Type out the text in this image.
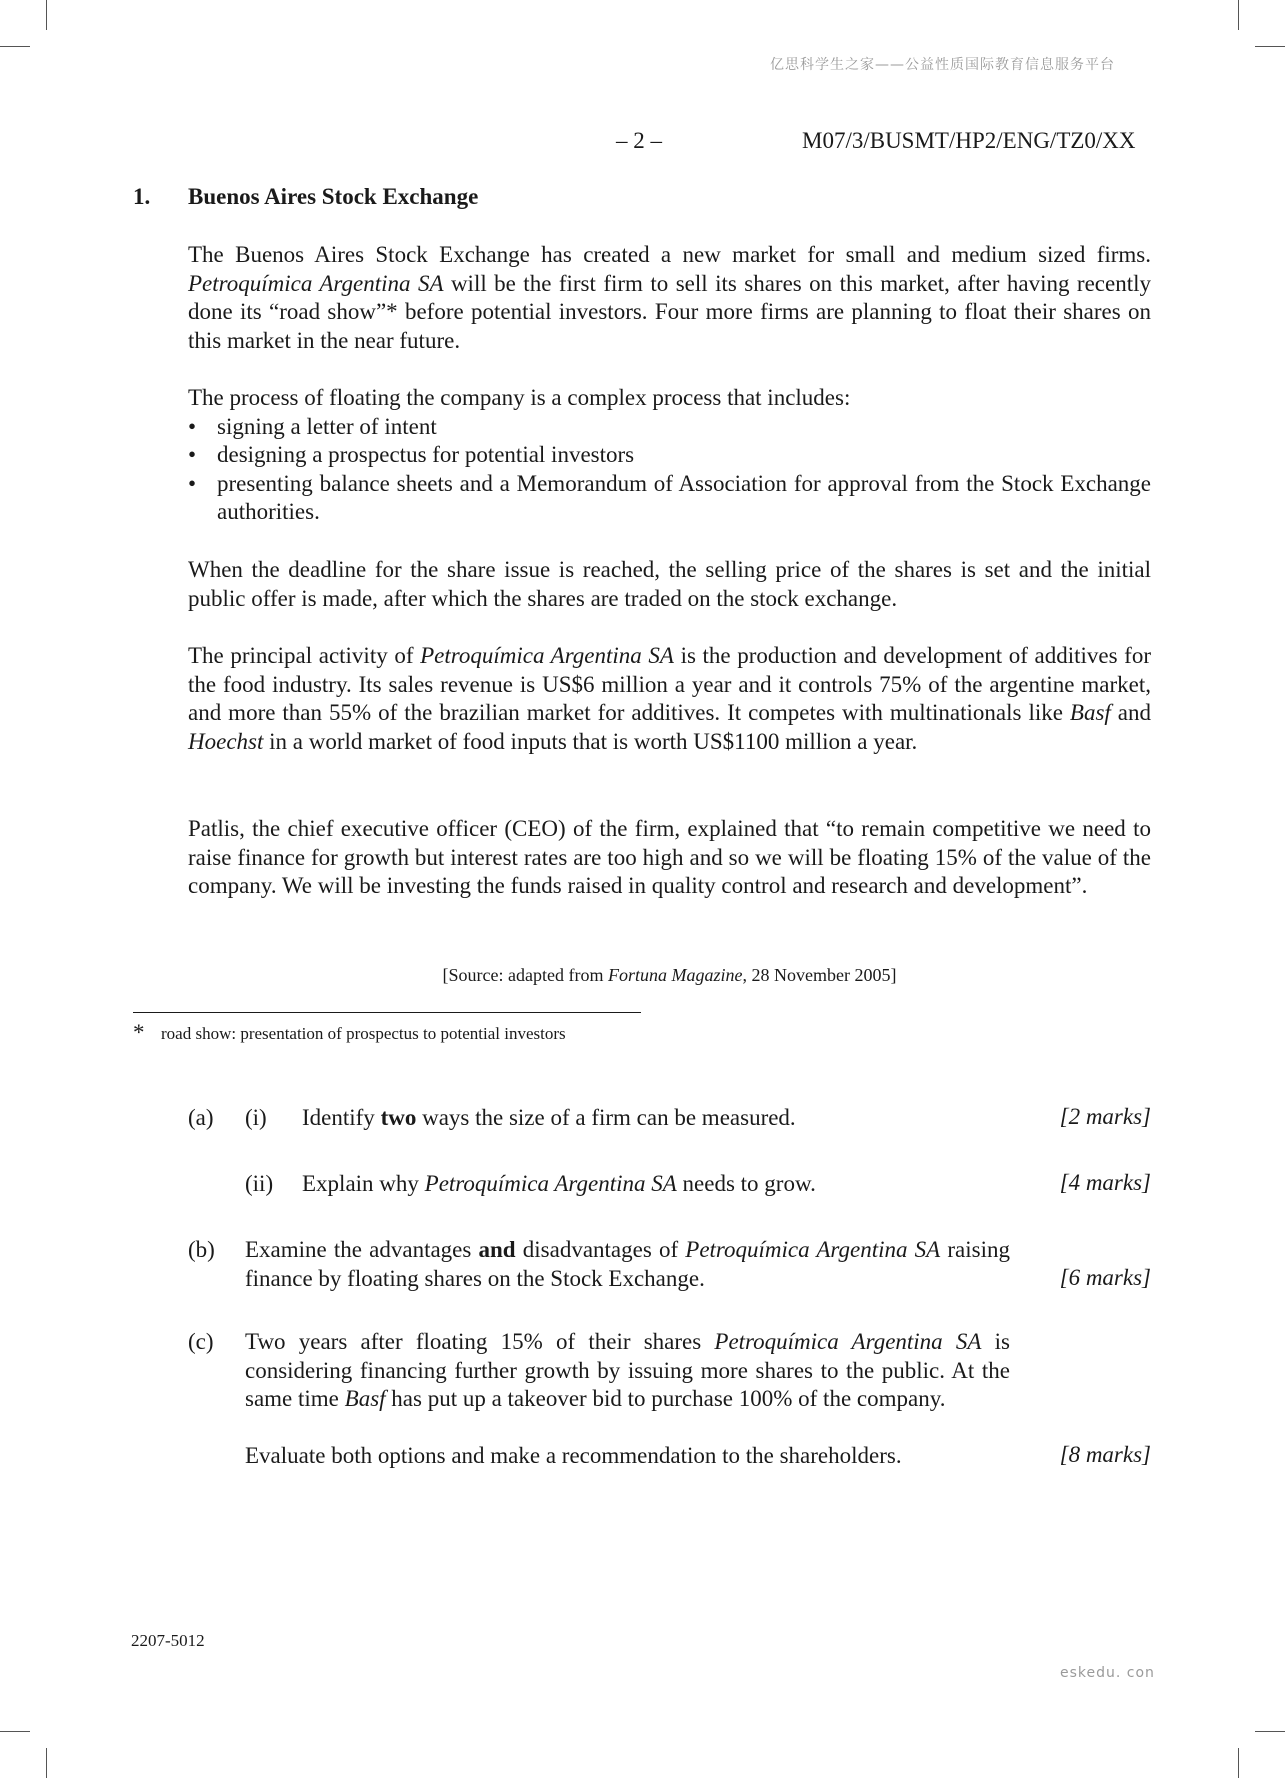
亿思科学生之家——公益性质国际教育信息服务平台
– 2 –	M07/3/BUSMT/HP2/ENG/TZ0/XX
1. Buenos Aires Stock Exchange

The Buenos Aires Stock Exchange has created a new market for small and medium sized firms. Petroquímica Argentina SA will be the first firm to sell its shares on this market, after having recently done its “road show”* before potential investors. Four more firms are planning to float their shares on this market in the near future.

The process of floating the company is a complex process that includes:

• signing a letter of intent
• designing a prospectus for potential investors
• presenting balance sheets and a Memorandum of Association for approval from the Stock Exchange authorities.

When the deadline for the share issue is reached, the selling price of the shares is set and the initial public offer is made, after which the shares are traded on the stock exchange.

The principal activity of Petroquímica Argentina SA is the production and development of additives for the food industry. Its sales revenue is US$6 million a year and it controls 75% of the argentine market, and more than 55% of the brazilian market for additives. It competes with multinationals like Basf and Hoechst in a world market of food inputs that is worth US$1100 million a year.

Patlis, the chief executive officer (CEO) of the firm, explained that “to remain competitive we need to raise finance for growth but interest rates are too high and so we will be floating 15% of the value of the company. We will be investing the funds raised in quality control and research and development”.

[Source: adapted from Fortuna Magazine, 28 November 2005]
* road show: presentation of prospectus to potential investors
(a) (i) Identify two ways the size of a firm can be measured.	[2 marks]
(ii) Explain why Petroquímica Argentina SA needs to grow.	[4 marks]
(b) Examine the advantages and disadvantages of Petroquímica Argentina SA raising finance by floating shares on the Stock Exchange.	[6 marks]
(c) Two years after floating 15% of their shares Petroquímica Argentina SA is considering financing further growth by issuing more shares to the public. At the same time Basf has put up a takeover bid to purchase 100% of the company.

Evaluate both options and make a recommendation to the shareholders.	[8 marks]
2207-5012
eskedu. con
